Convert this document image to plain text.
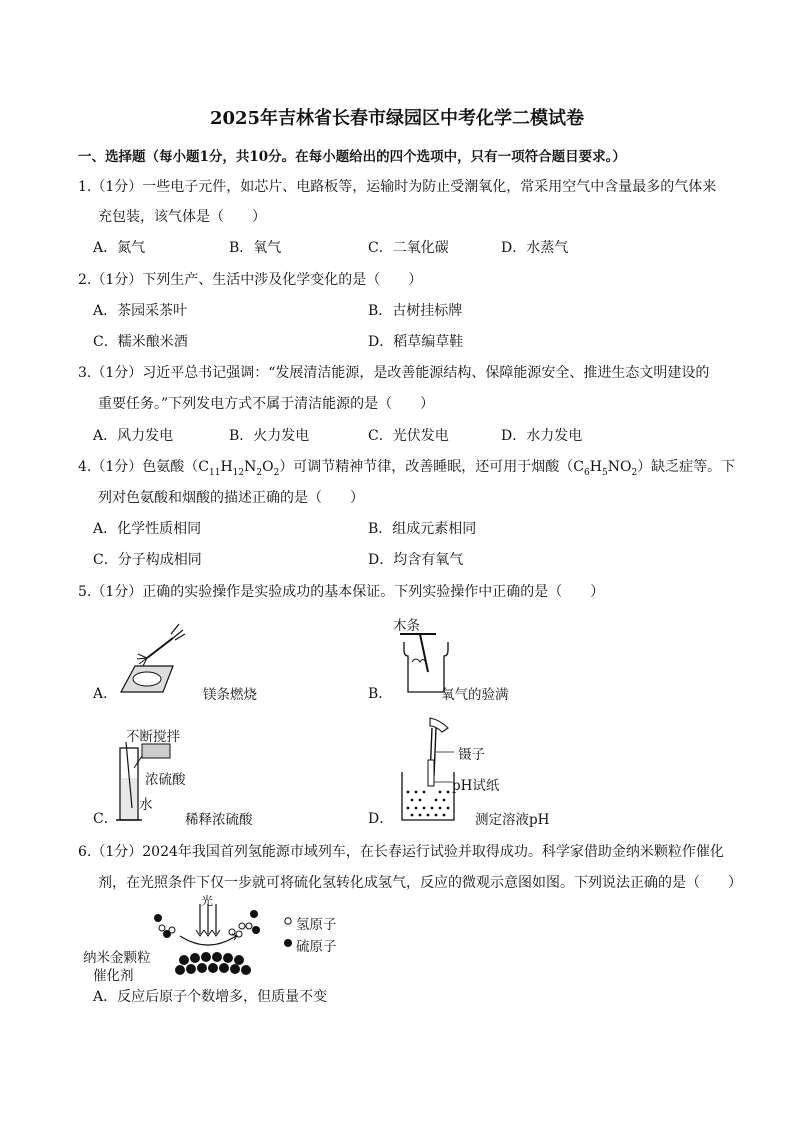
2025年吉林省长春市绿园区中考化学二模试卷
一、选择题（每小题1分，共10分。在每小题给出的四个选项中，只有一项符合题目要求。）
1.（1分）一些电子元件，如芯片、电路板等，运输时为防止受潮氧化，常采用空气中含量最多的气体来
充包装，该气体是（　　）
A．氮气	B．氧气	C．二氧化碳	D．水蒸气
2.（1分）下列生产、生活中涉及化学变化的是（　　）
A．茶园采茶叶	B．古树挂标牌
C．糯米酿米酒	D．稻草编草鞋
3.（1分）习近平总书记强调：“发展清洁能源，是改善能源结构、保障能源安全、推进生态文明建设的
重要任务。”下列发电方式不属于清洁能源的是（　　）
A．风力发电	B．火力发电	C．光伏发电	D．水力发电
4.（1分）色氨酸$(C_{11}H_{12}N_2O_2)$可调节精神节律，改善睡眠，还可用于烟酸$(C_6H_5NO_2)$缺乏症等。下
列对色氨酸和烟酸的描述正确的是（　　）
A．化学性质相同	B．组成元素相同
C．分子构成相同	D．均含有氧气
5.（1分）正确的实验操作是实验成功的基本保证。下列实验操作中正确的是（　　）
A．	镁条燃烧
木条
B．	氧气的验满
不断搅拌
浓硫酸
水
C．	稀释浓硫酸
镊子
pH试纸
D．	测定溶液pH
6.（1分）2024年我国首列氢能源市域列车，在长春运行试验并取得成功。科学家借助金纳米颗粒作催化
剂，在光照条件下仅一步就可将硫化氢转化成氢气，反应的微观示意图如图。下列说法正确的是（　　）
光
纳米金颗粒
催化剂
氢原子
硫原子
A．反应后原子个数增多，但质量不变
